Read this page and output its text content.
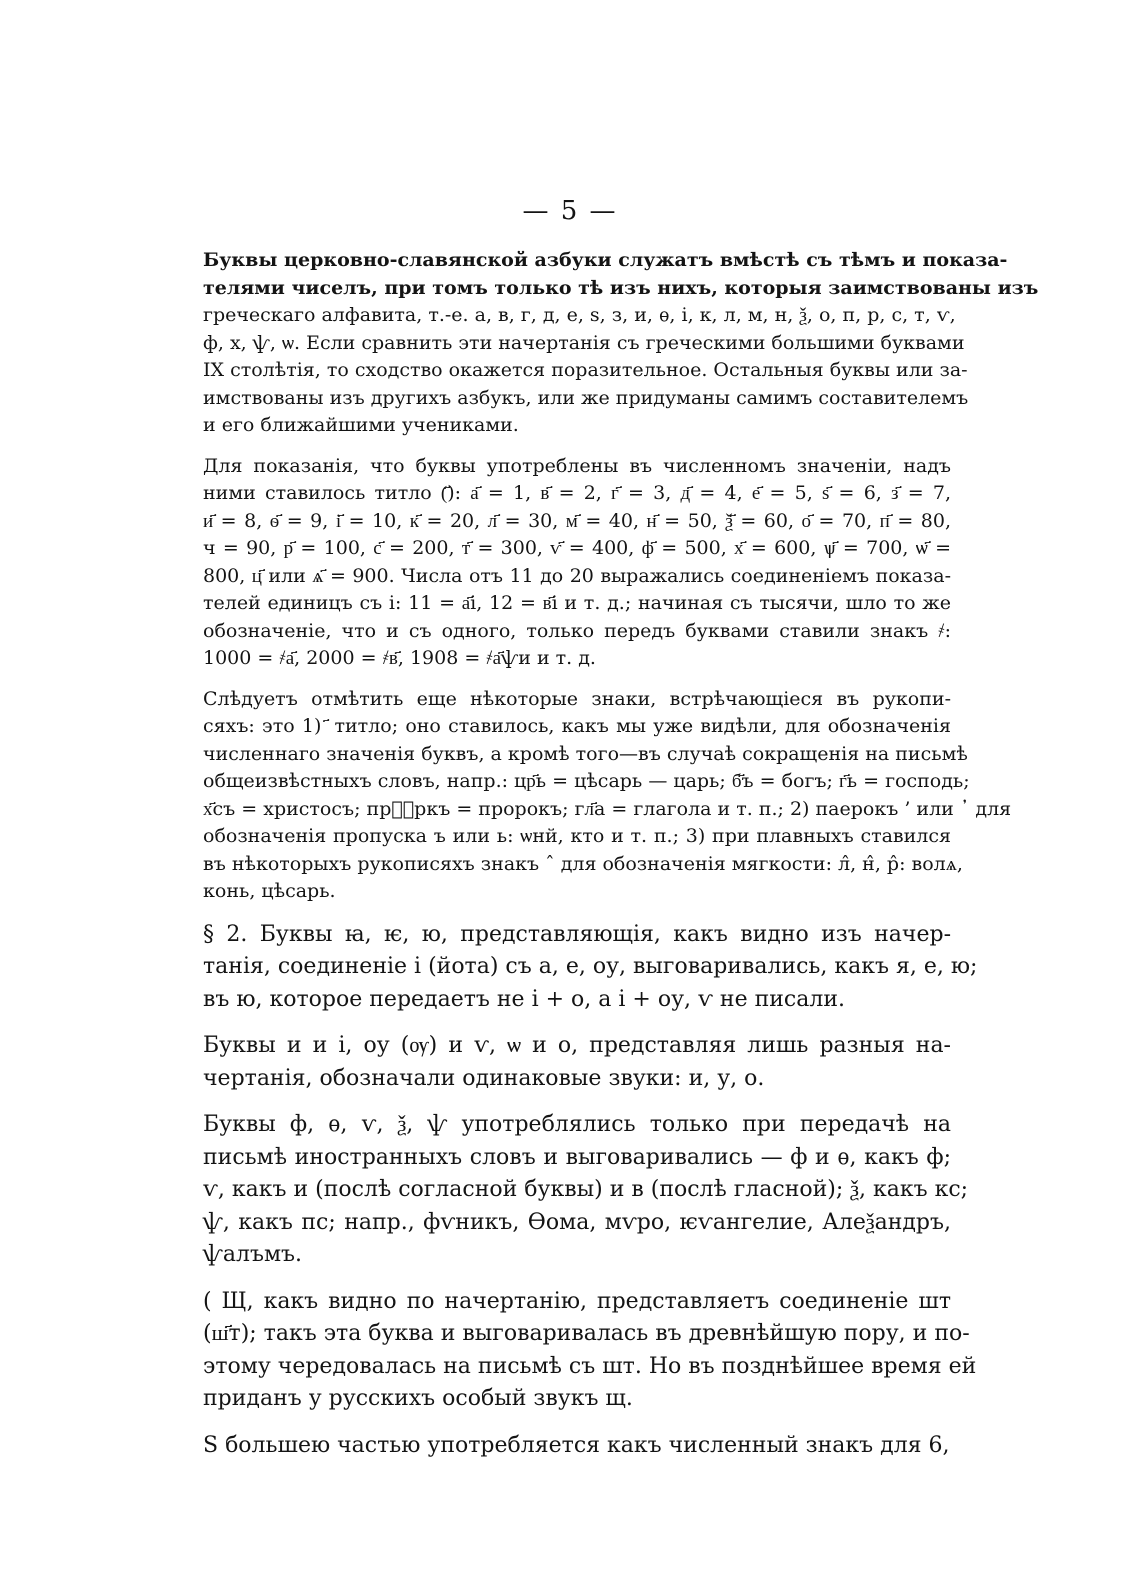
— 5 —
Буквы церковно-славянской азбуки служатъ вмѣстѣ съ тѣмъ и показа-
телями чиселъ, при томъ только тѣ изъ нихъ, которыя заимствованы изъ
греческаго алфавита, т.-е. а, в, г, д, е, ѕ, з, и, ѳ, і, к, л, м, н, ѯ, о, п, р, с, т, ѵ,
ф, х, ѱ, ѡ. Если сравнить эти начертанія съ греческими большими буквами
IX столѣтія, то сходство окажется поразительное. Остальныя буквы или за-
имствованы изъ другихъ азбукъ, или же придуманы самимъ составителемъ
и его ближайшими учениками.
Для показанія, что буквы употреблены въ численномъ значеніи, надъ
ними ставилось титло (҃): а҃ = 1, в҃ = 2, г҃ = 3, д҃ = 4, е҃ = 5, ѕ҃ = 6, з҃ = 7,
и҃ = 8, ѳ҃ = 9, і҃ = 10, к҃ = 20, л҃ = 30, м҃ = 40, н҃ = 50, ѯ҃ = 60, о҃ = 70, п҃ = 80,
ч = 90, р҃ = 100, с҃ = 200, т҃ = 300, ѵ҃ = 400, ф҃ = 500, х҃ = 600, ѱ҃ = 700, ѡ҃ =
800, ц҃ или ѧ҃ = 900. Числа отъ 11 до 20 выражались соединеніемъ показа-
телей единицъ съ і: 11 = а҃і, 12 = в҃і и т. д.; начиная съ тысячи, шло то же
обозначеніе, что и съ одного, только передъ буквами ставили знакъ ҂:
1000 = ҂а҃, 2000 = ҂в҃, 1908 = ҂а҃ѱи и т. д.
Слѣдуетъ отмѣтить еще нѣкоторые знаки, встрѣчающіеся въ рукопи-
сяхъ: это 1) ҃ титло; оно ставилось, какъ мы уже видѣли, для обозначенія
численнаго значенія буквъ, а кромѣ того—въ случаѣ сокращенія на письмѣ
общеизвѣстныхъ словъ, напр.: цр҃ь = цѣсарь — царь; б҃ъ = богъ; г҃ь = господь;
х҃съ = христосъ; прⷪ҇ркъ = пророкъ; гл҃а = глагола и т. п.; 2) паерокъ ’ или ᾿ для
обозначенія пропуска ъ или ь: ѡнй, кто и т. п.; 3) при плавныхъ ставился
въ нѣкоторыхъ рукописяхъ знакъ ˆ для обозначенія мягкости: л̂, н̂, р̂: волѧ,
конь, цѣсарь.
§ 2. Буквы ꙗ, ѥ, ю, представляющія, какъ видно изъ начер-
танія, соединеніе і (йота) съ а, е, оу, выговаривались, какъ я, е, ю;
въ ю, которое передаетъ не і + о, а і + оу, ѵ не писали.
Буквы и и і, оу (ѹ) и ѵ, ѡ и о, представляя лишь разныя на-
чертанія, обозначали одинаковые звуки: и, у, о.
Буквы ф, ѳ, ѵ, ѯ, ѱ употреблялись только при передачѣ на
письмѣ иностранныхъ словъ и выговаривались — ф и ѳ, какъ ф;
ѵ, какъ и (послѣ согласной буквы) и в (послѣ гласной); ѯ, какъ кс;
ѱ, какъ пс; напр., фѵникъ, Ѳома, мѵро, ѥѵангелие, Алеѯандръ,
ѱалъмъ.
( Щ, какъ видно по начертанію, представляетъ соединеніе шт
(ш҃т); такъ эта буква и выговаривалась въ древнѣйшую пору, и по-
этому чередовалась на письмѣ съ шт. Но въ позднѣйшее время ей
приданъ у русскихъ особый звукъ щ.
Ѕ большею частью употребляется какъ численный знакъ для 6,
